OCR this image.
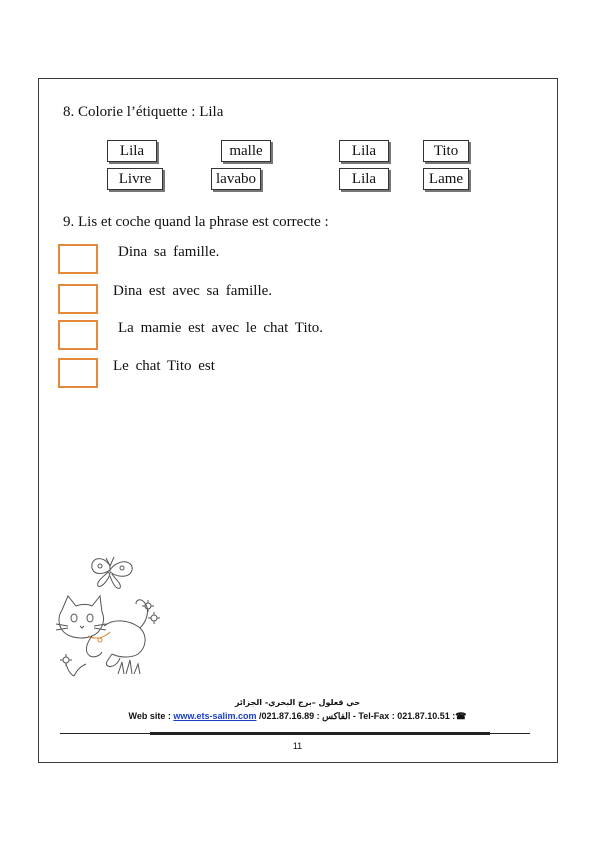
8. Colorie l’étiquette : Lila
Lila	malle	Lila	Tito
Livre	lavabo	Lila	Lame
9. Lis et coche quand la phrase est correcte :
Dina sa famille.
Dina est avec sa famille.
La mamie est avec le chat Tito.
Le chat Tito est
حي قعلول –برج البحري- الجزائر
Web site : www.ets-salim.com /021.87.16.89 : الفاكس - Tel-Fax : 021.87.10.51 :☎
11
